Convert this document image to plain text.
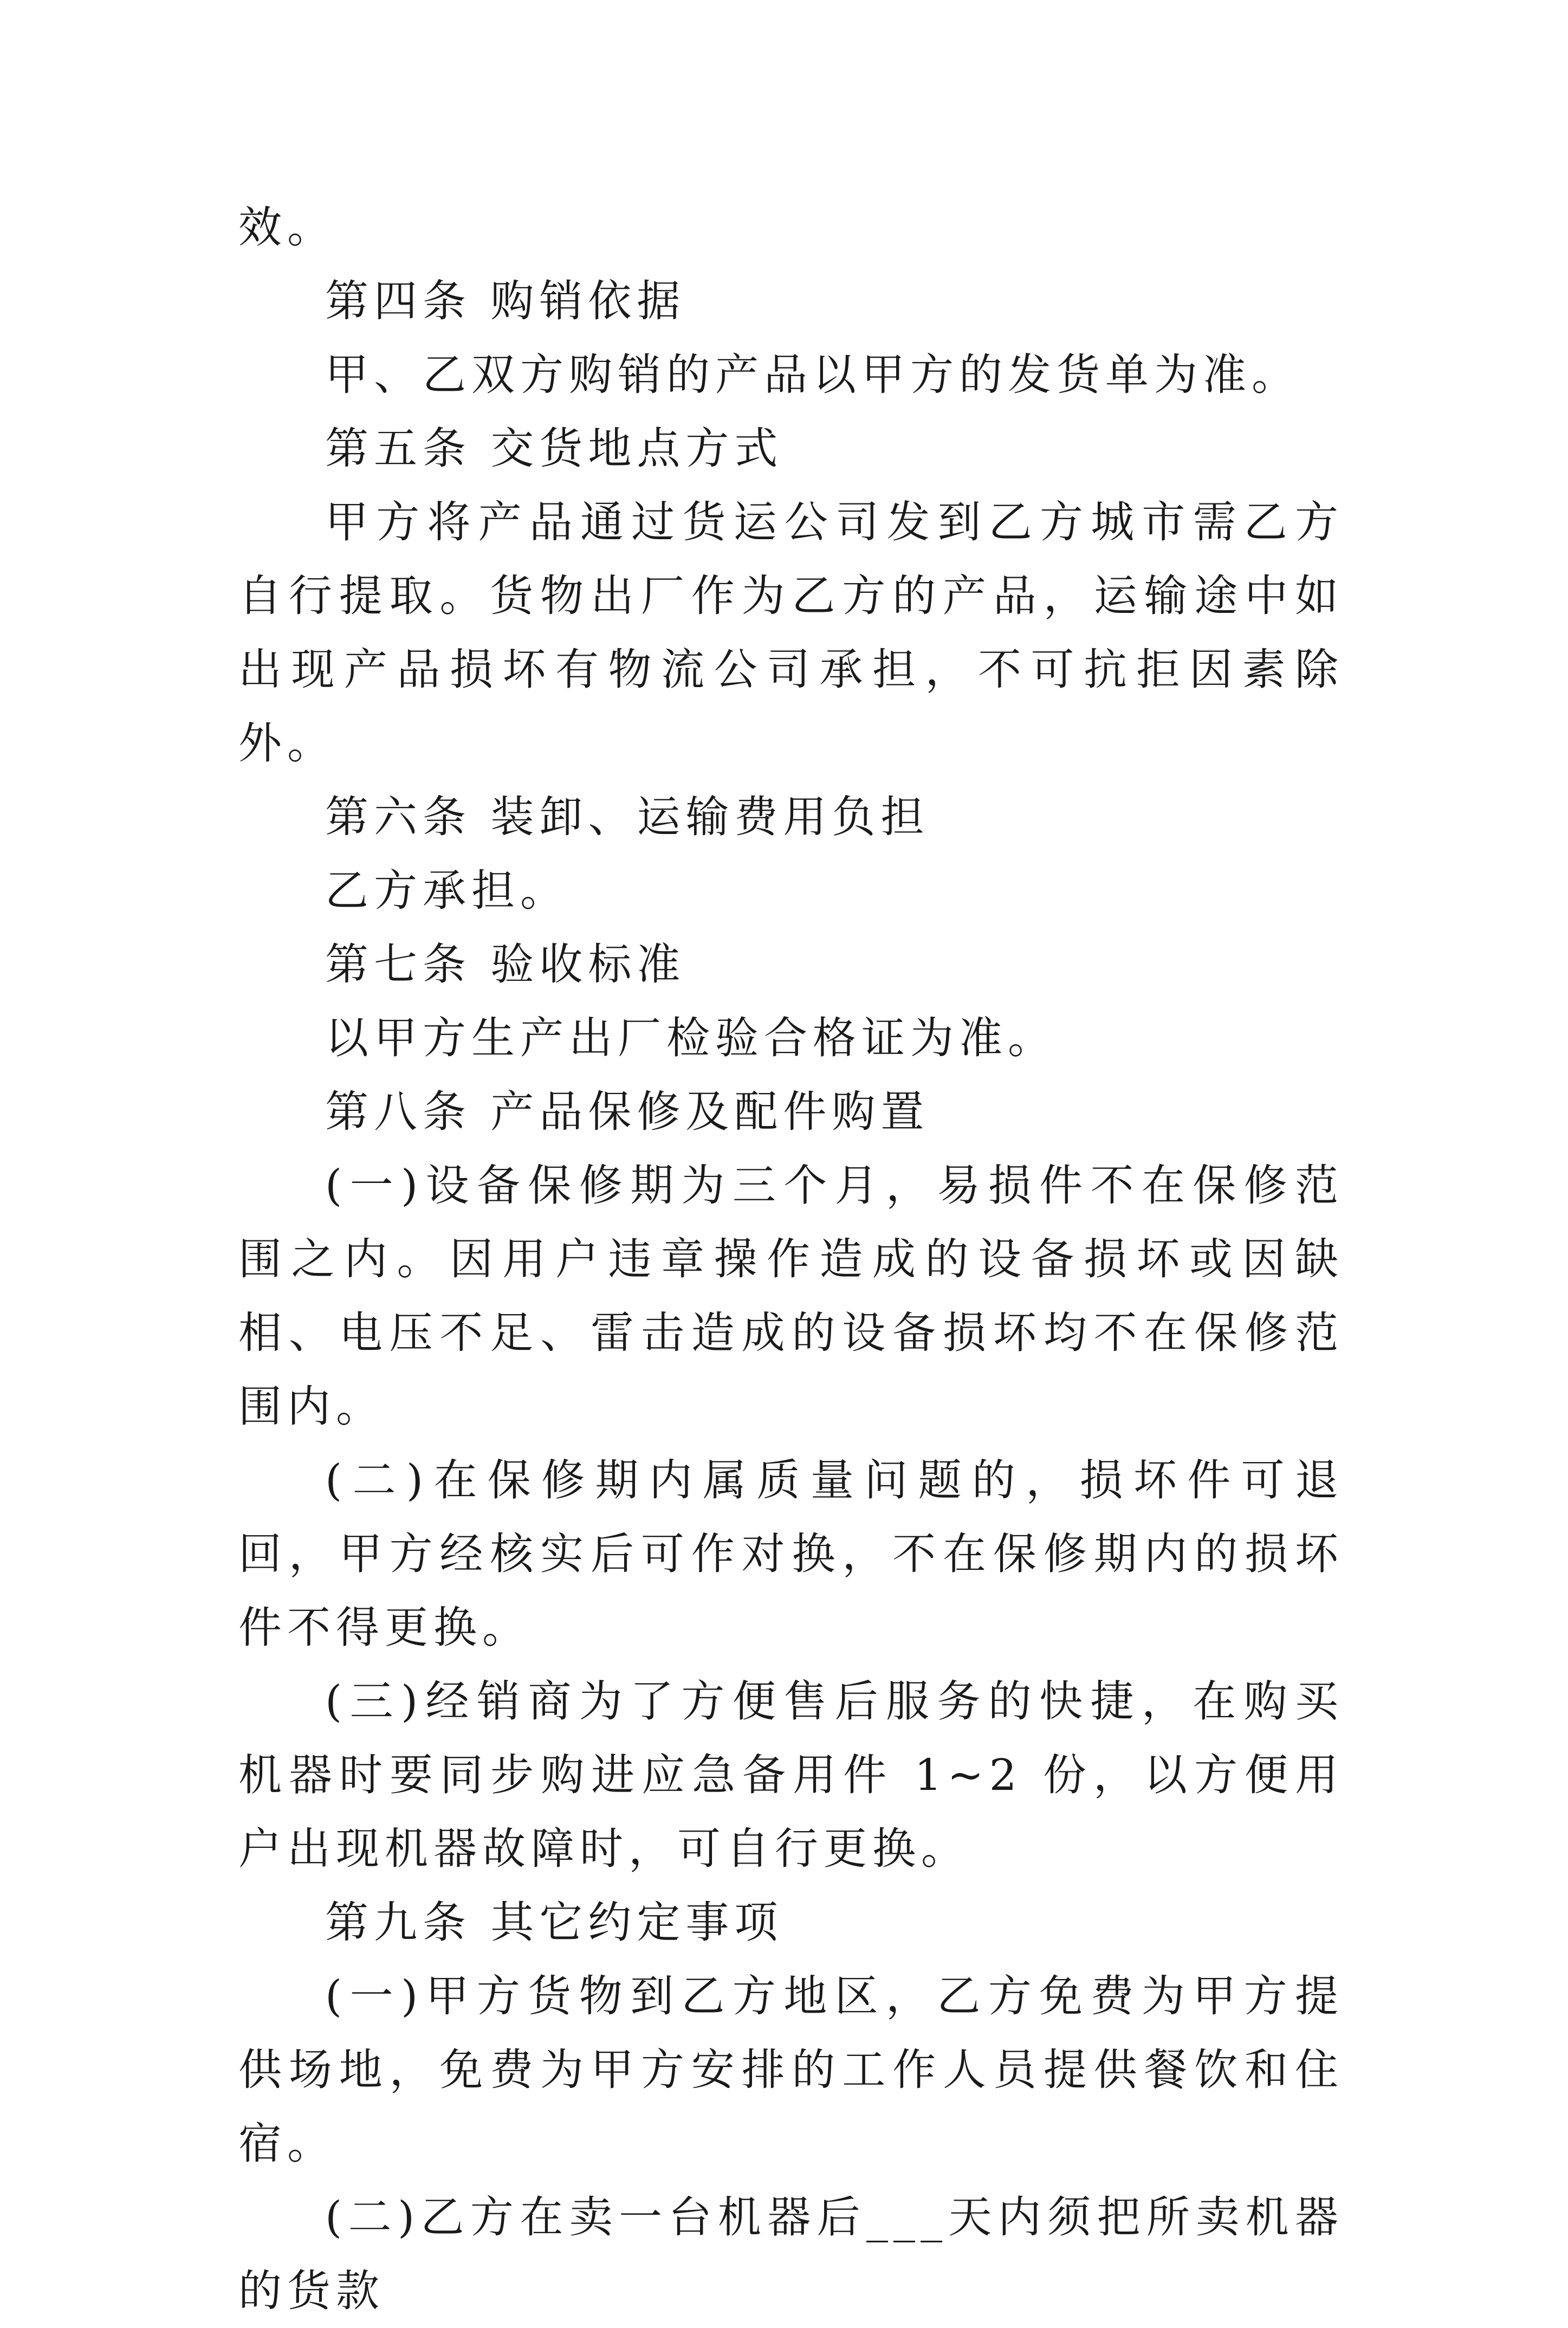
效。

第四条 购销依据

甲、乙双方购销的产品以甲方的发货单为准。

第五条 交货地点方式

甲方将产品通过货运公司发到乙方城市需乙方自行提取。货物出厂作为乙方的产品，运输途中如出现产品损坏有物流公司承担，不可抗拒因素除外。

第六条 装卸、运输费用负担

乙方承担。

第七条 验收标准

以甲方生产出厂检验合格证为准。

第八条 产品保修及配件购置

(一)设备保修期为三个月，易损件不在保修范围之内。因用户违章操作造成的设备损坏或因缺相、电压不足、雷击造成的设备损坏均不在保修范围内。

(二)在保修期内属质量问题的，损坏件可退回，甲方经核实后可作对换，不在保修期内的损坏件不得更换。

(三)经销商为了方便售后服务的快捷，在购买机器时要同步购进应急备用件 1~2 份，以方便用户出现机器故障时，可自行更换。

第九条 其它约定事项

(一)甲方货物到乙方地区，乙方免费为甲方提供场地，免费为甲方安排的工作人员提供餐饮和住宿。

(二)乙方在卖一台机器后___天内须把所卖机器的货款
